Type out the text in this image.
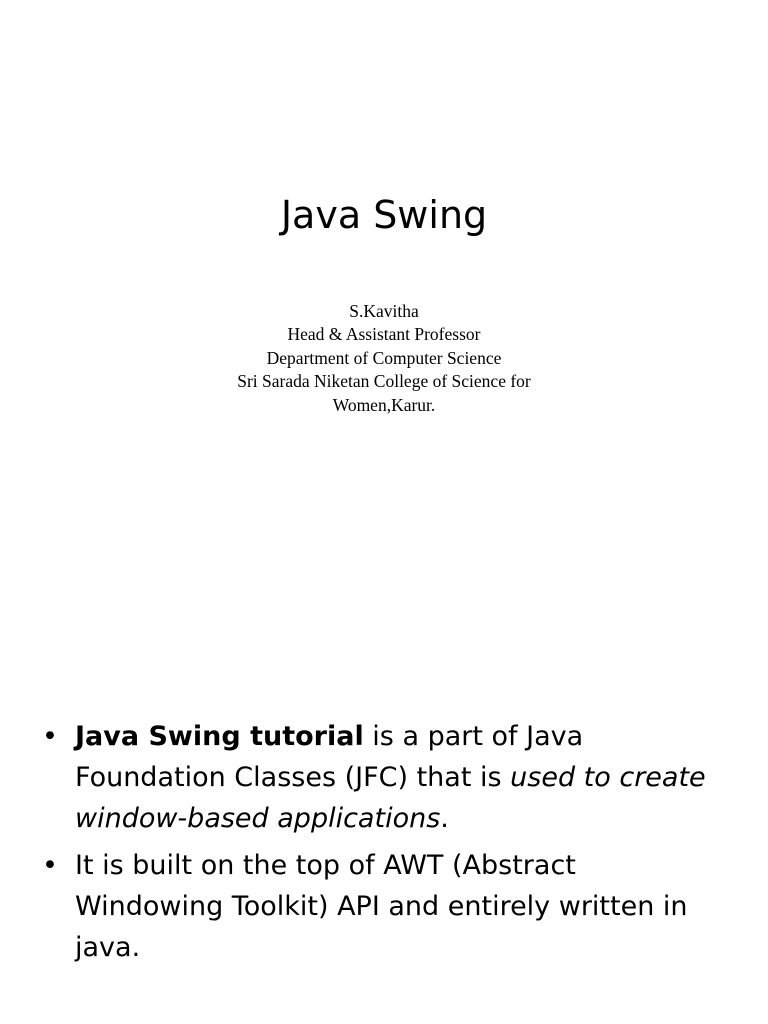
Java Swing
S.Kavitha
Head & Assistant Professor
Department of Computer Science
Sri Sarada Niketan College of Science for
Women,Karur.
• Java Swing tutorial is a part of Java
Foundation Classes (JFC) that is used to create
window-based applications.
• It is built on the top of AWT (Abstract
Windowing Toolkit) API and entirely written in
java.
